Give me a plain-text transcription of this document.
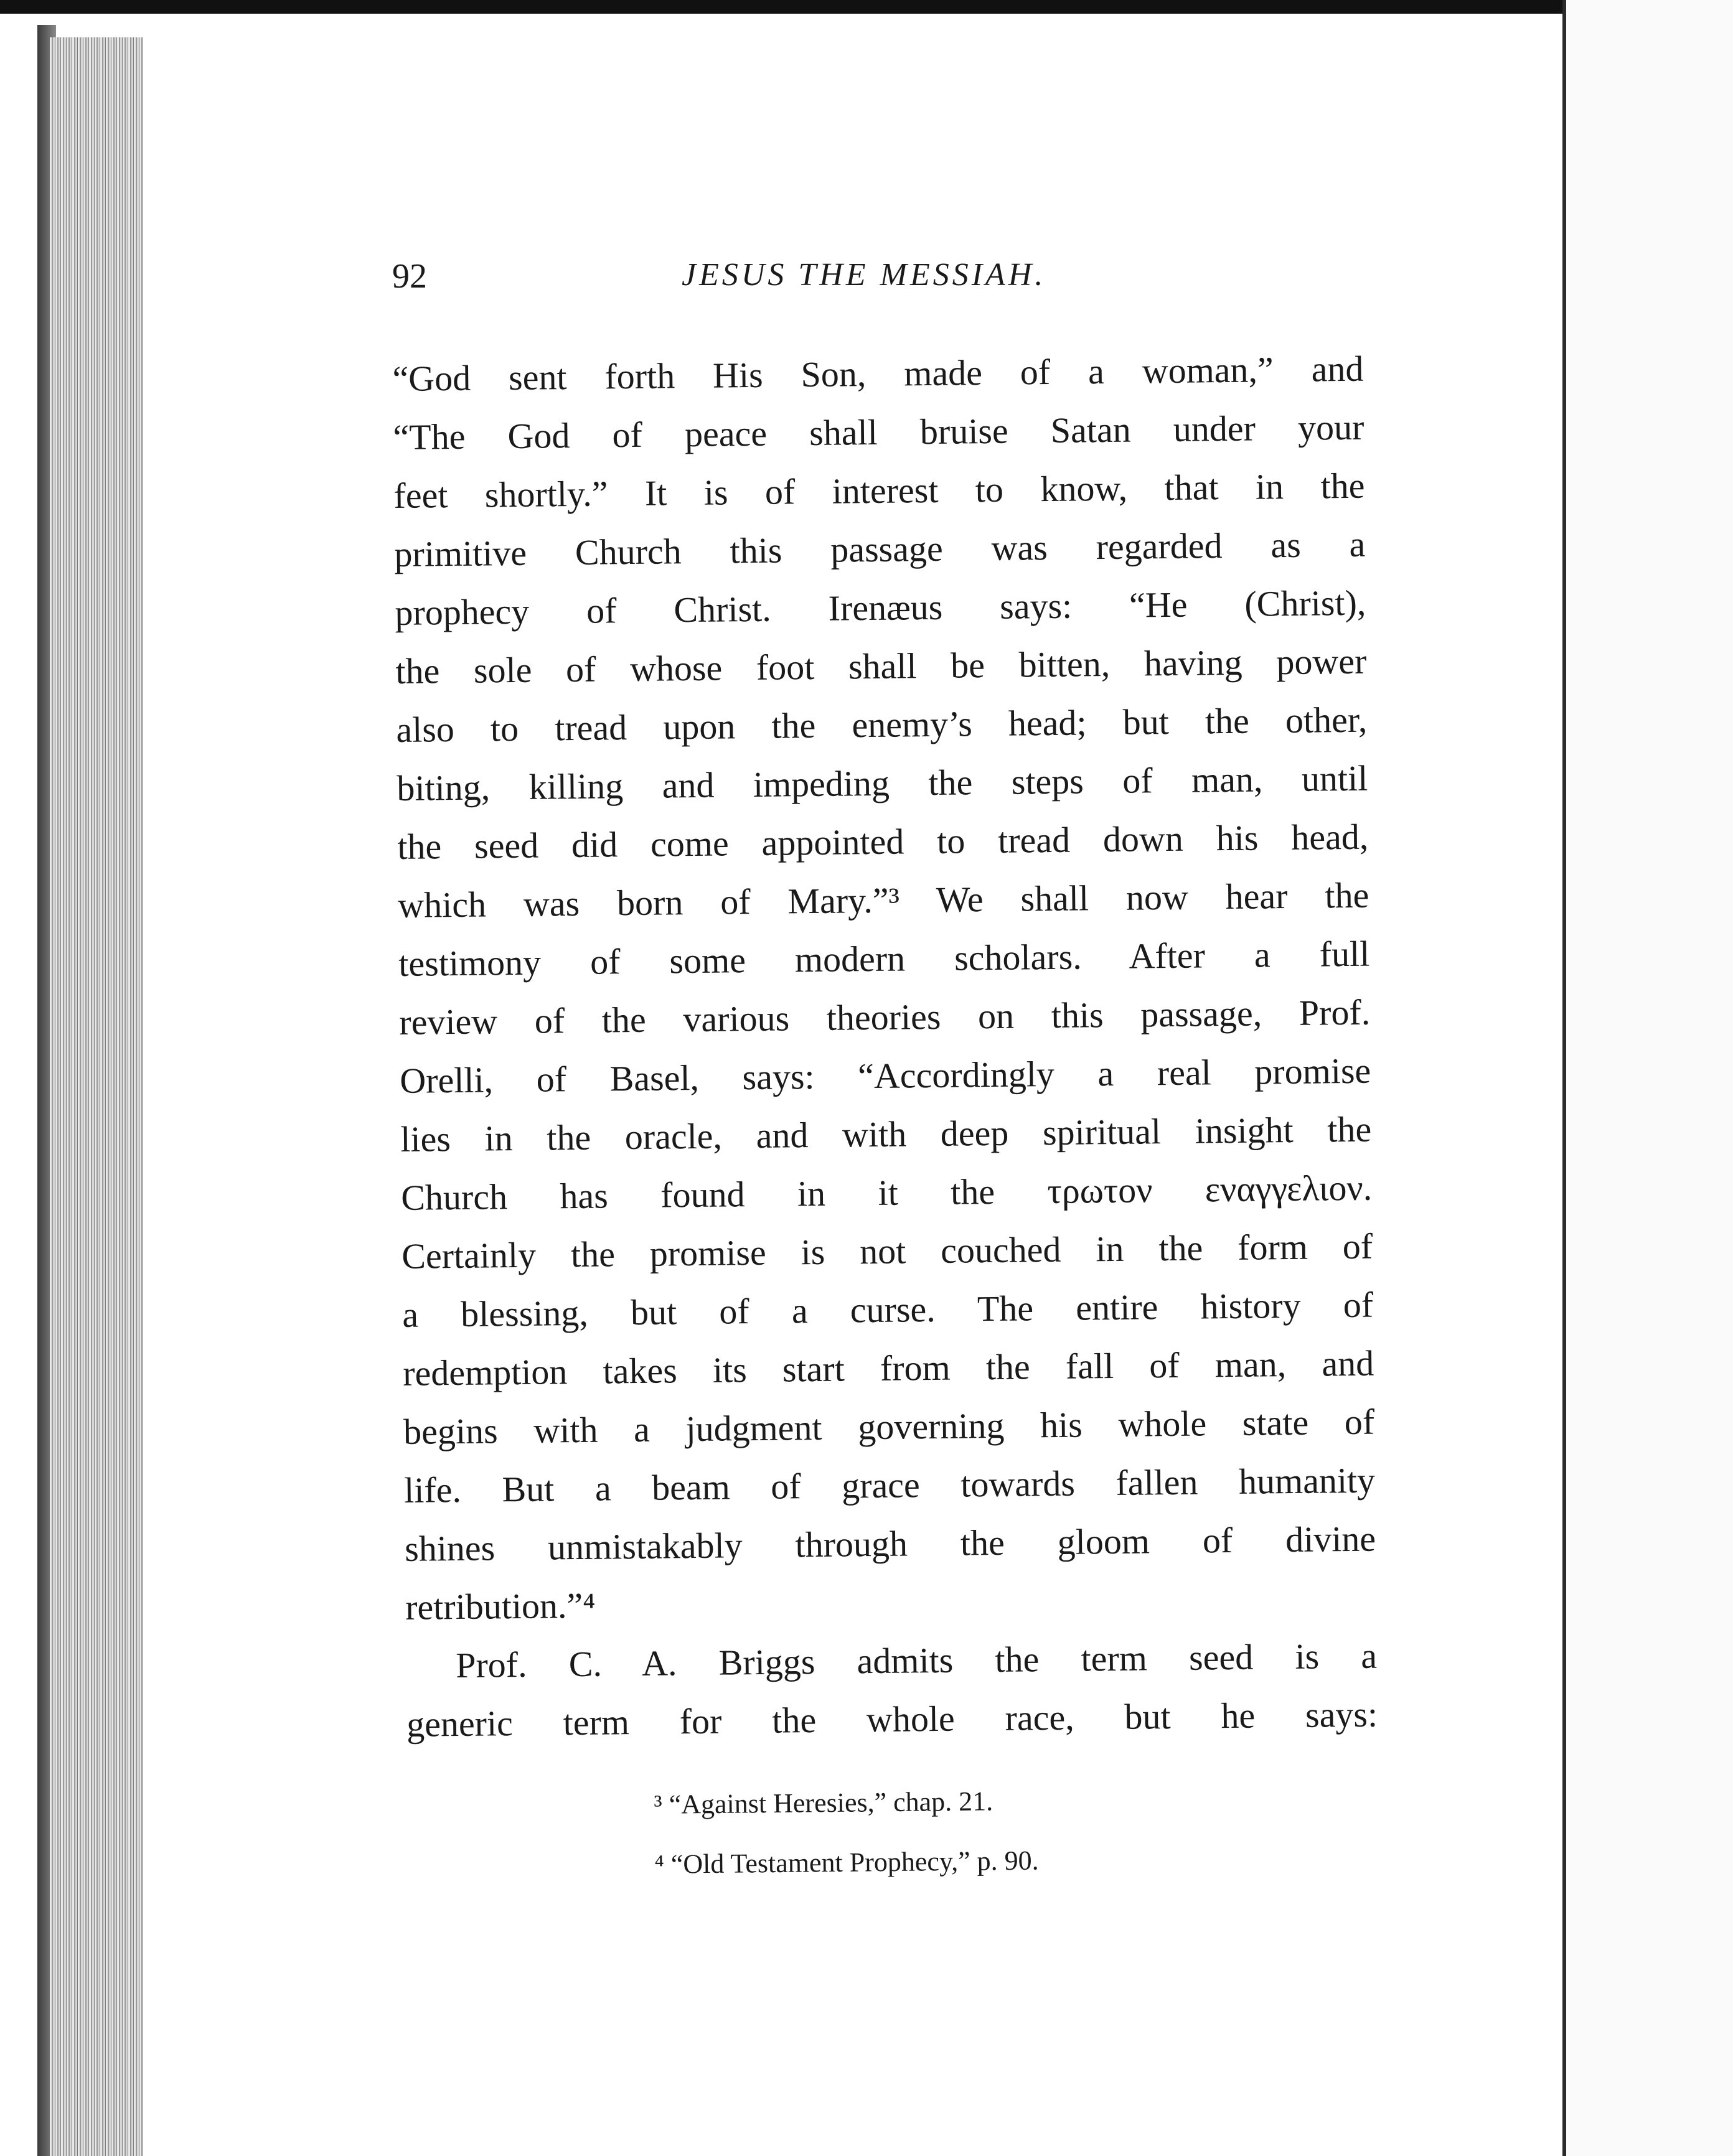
92	JESUS THE MESSIAH.
“God sent forth His Son, made of a woman,” and
“The God of peace shall bruise Satan under your
feet shortly.” It is of interest to know, that in the
primitive Church this passage was regarded as a
prophecy of Christ. Irenæus says: “He (Christ),
the sole of whose foot shall be bitten, having power
also to tread upon the enemy’s head; but the other,
biting, killing and impeding the steps of man, until
the seed did come appointed to tread down his head,
which was born of Mary.”³ We shall now hear the
testimony of some modern scholars. After a full
review of the various theories on this passage, Prof.
Orelli, of Basel, says: “Accordingly a real promise
lies in the oracle, and with deep spiritual insight the
Church has found in it the τρωτον εναγγελιον.
Certainly the promise is not couched in the form of
a blessing, but of a curse. The entire history of
redemption takes its start from the fall of man, and
begins with a judgment governing his whole state of
life. But a beam of grace towards fallen humanity
shines unmistakably through the gloom of divine
retribution.”⁴
Prof. C. A. Briggs admits the term seed is a
generic term for the whole race, but he says:
³ “Against Heresies,” chap. 21.
⁴ “Old Testament Prophecy,” p. 90.
